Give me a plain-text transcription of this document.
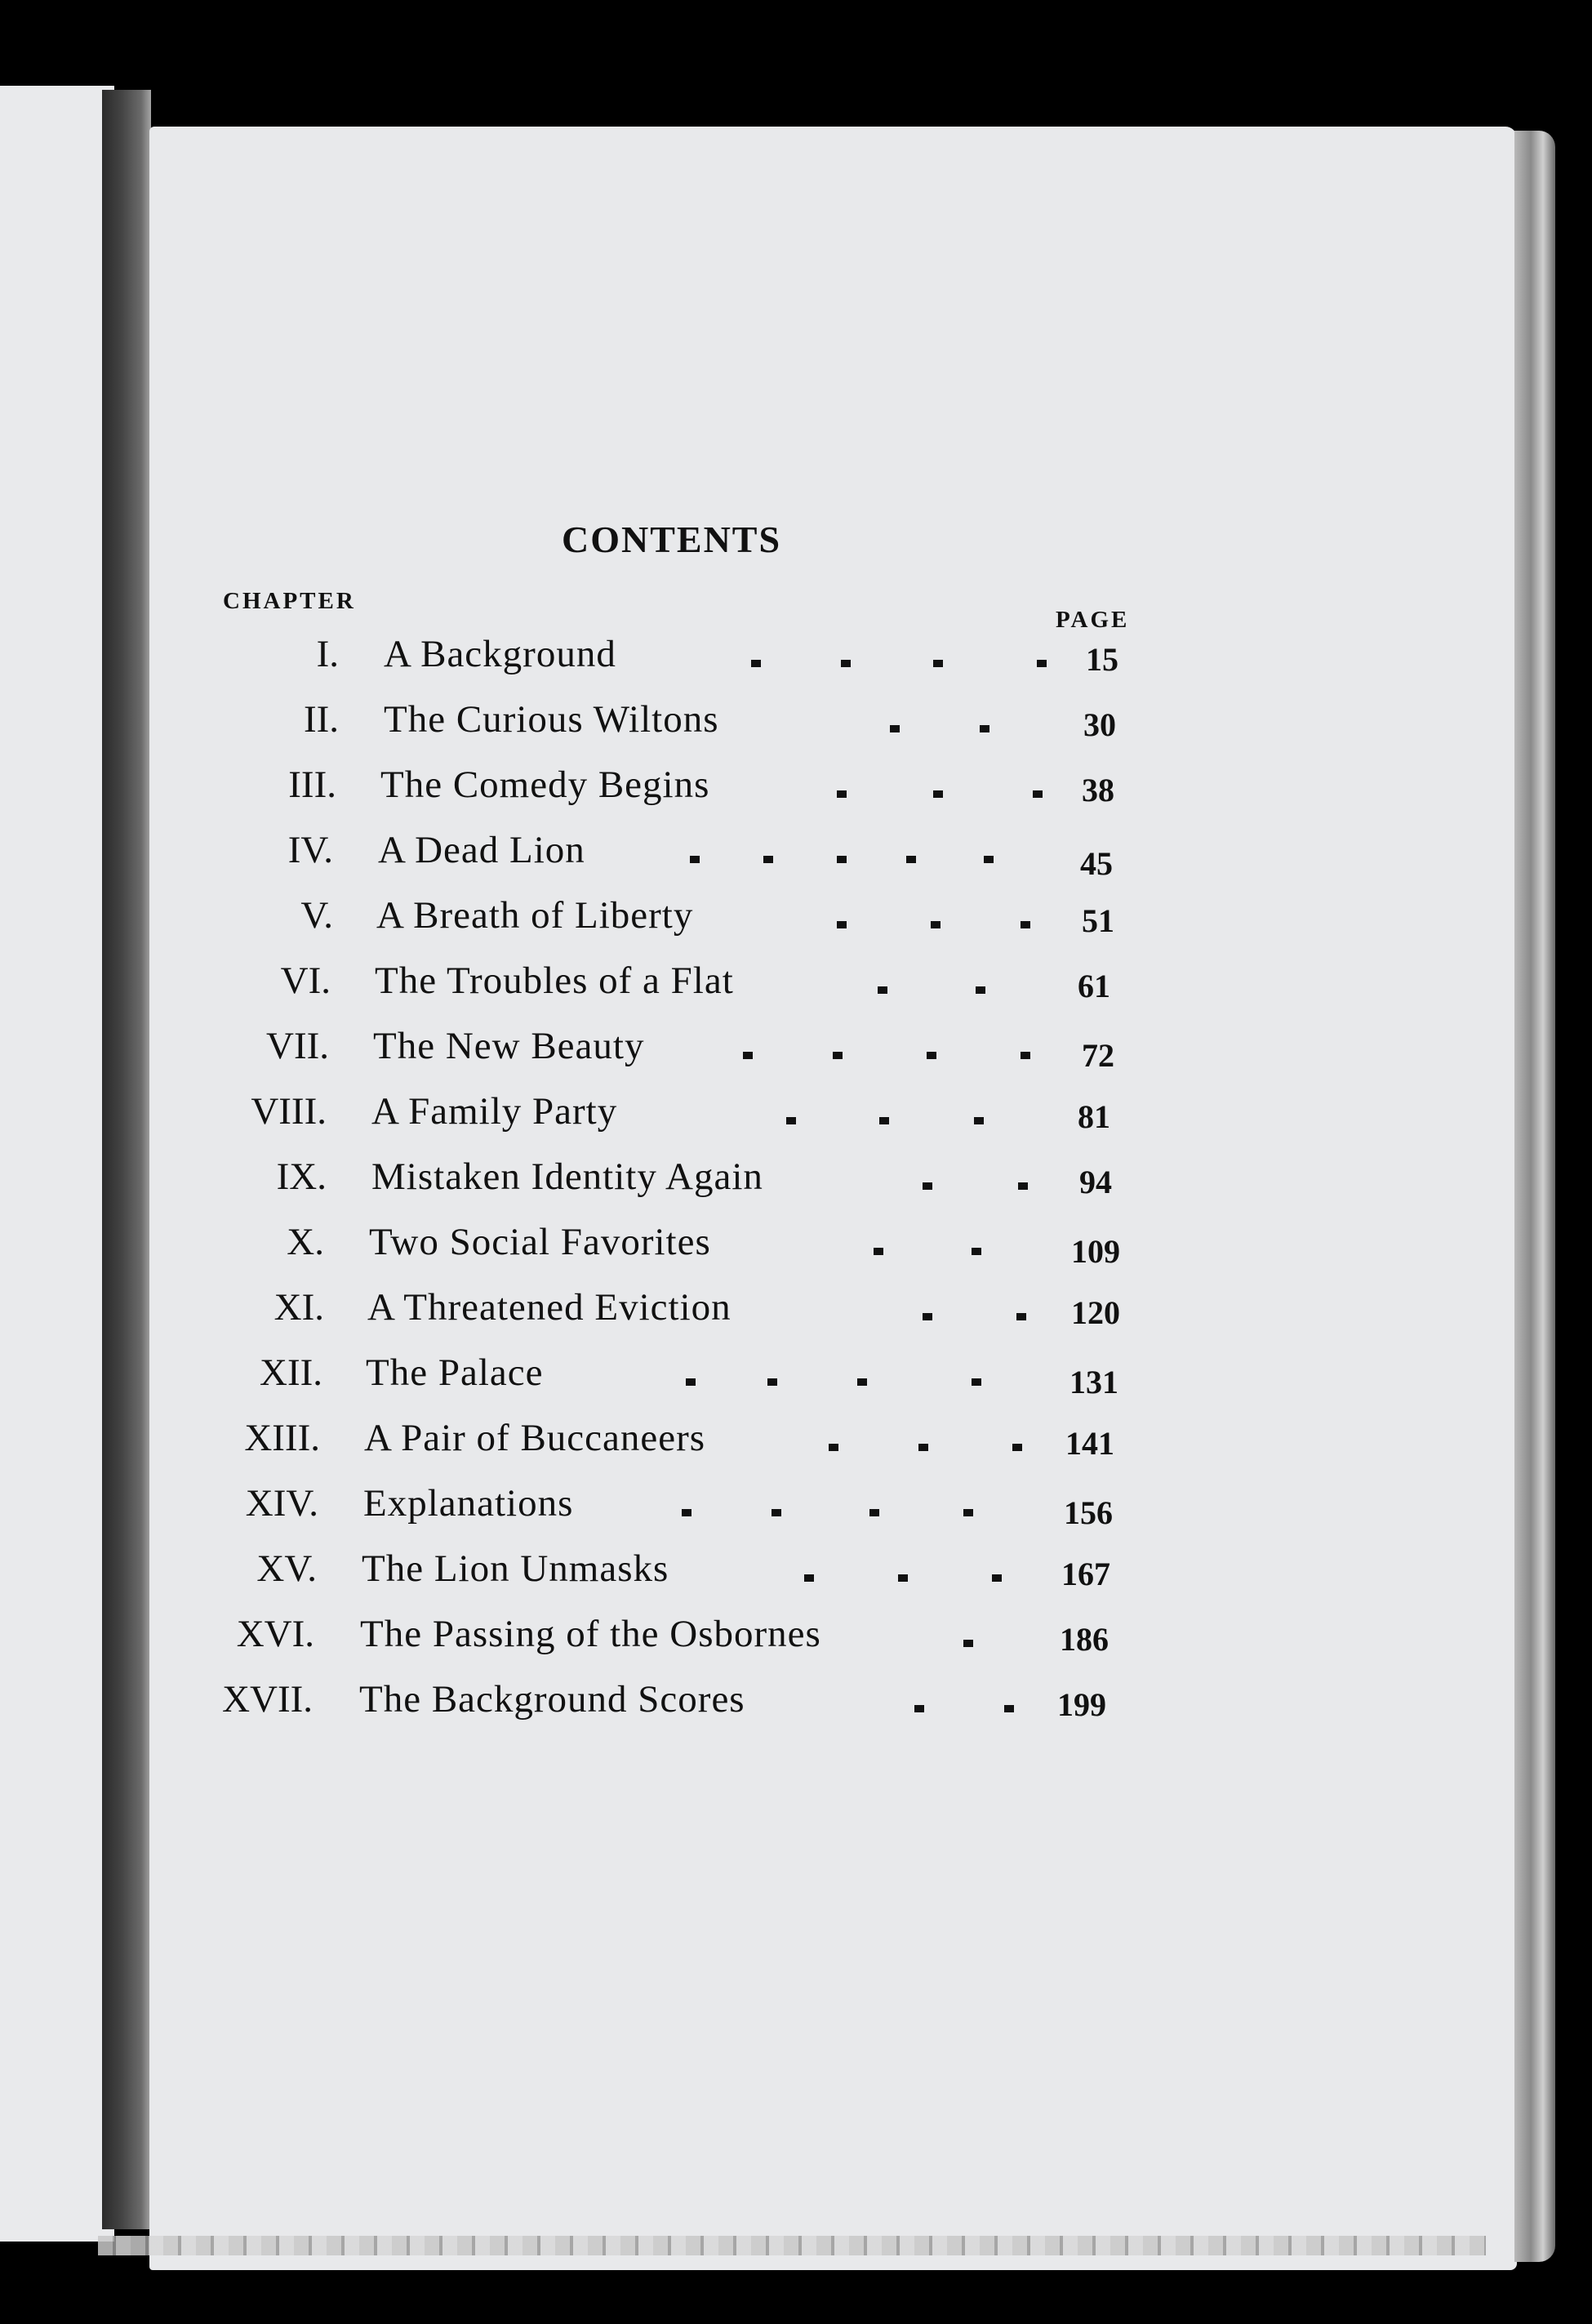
CONTENTS
CHAPTER
PAGE
I. A Background	15
II. The Curious Wiltons	30
III. The Comedy Begins	38
IV. A Dead Lion	45
V. A Breath of Liberty	51
VI. The Troubles of a Flat	61
VII. The New Beauty	72
VIII. A Family Party	81
IX. Mistaken Identity Again	94
X. Two Social Favorites	109
XI. A Threatened Eviction	120
XII. The Palace	131
XIII. A Pair of Buccaneers	141
XIV. Explanations	156
XV. The Lion Unmasks	167
XVI. The Passing of the Osbornes	186
XVII. The Background Scores	199
